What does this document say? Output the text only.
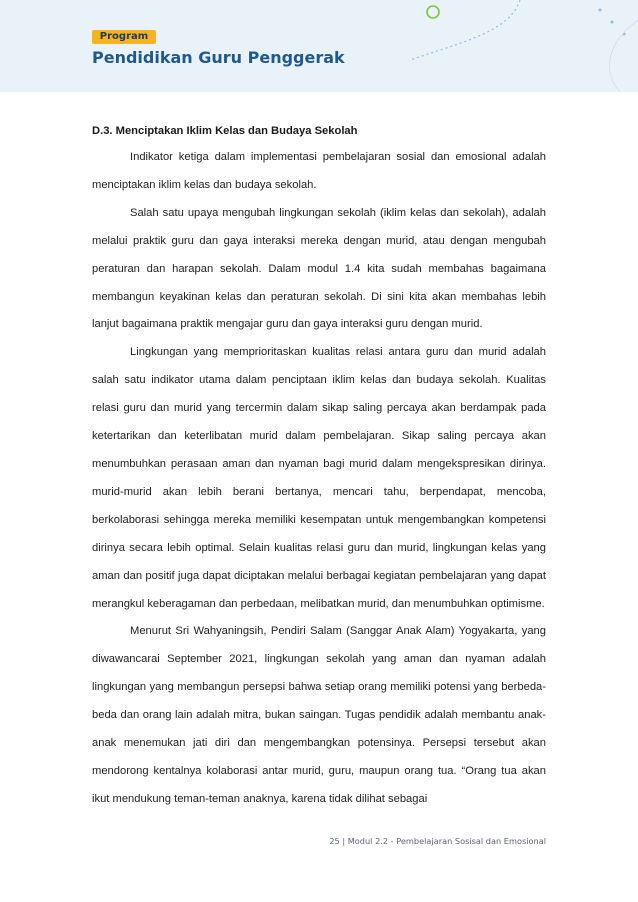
Program
Pendidikan Guru Penggerak
D.3. Menciptakan Iklim Kelas dan Budaya Sekolah

Indikator ketiga dalam implementasi pembelajaran sosial dan emosional adalah menciptakan iklim kelas dan budaya sekolah.

Salah satu upaya mengubah lingkungan sekolah (iklim kelas dan sekolah), adalah melalui praktik guru dan gaya interaksi mereka dengan murid, atau dengan mengubah peraturan dan harapan sekolah. Dalam modul 1.4 kita sudah membahas bagaimana membangun keyakinan kelas dan peraturan sekolah. Di sini kita akan membahas lebih lanjut bagaimana praktik mengajar guru dan gaya interaksi guru dengan murid.

Lingkungan yang memprioritaskan kualitas relasi antara guru dan murid adalah salah satu indikator utama dalam penciptaan iklim kelas dan budaya sekolah. Kualitas relasi guru dan murid yang tercermin dalam sikap saling percaya akan berdampak pada ketertarikan dan keterlibatan murid dalam pembelajaran. Sikap saling percaya akan menumbuhkan perasaan aman dan nyaman bagi murid dalam mengekspresikan dirinya. murid-murid akan lebih berani bertanya, mencari tahu, berpendapat, mencoba, berkolaborasi sehingga mereka memiliki kesempatan untuk mengembangkan kompetensi dirinya secara lebih optimal. Selain kualitas relasi guru dan murid, lingkungan kelas yang aman dan positif juga dapat diciptakan melalui berbagai kegiatan pembelajaran yang dapat merangkul keberagaman dan perbedaan, melibatkan murid, dan menumbuhkan optimisme.

Menurut Sri Wahyaningsih, Pendiri Salam (Sanggar Anak Alam) Yogyakarta, yang diwawancarai September 2021, lingkungan sekolah yang aman dan nyaman adalah lingkungan yang membangun persepsi bahwa setiap orang memiliki potensi yang berbeda-beda dan orang lain adalah mitra, bukan saingan. Tugas pendidik adalah membantu anak-anak menemukan jati diri dan mengembangkan potensinya. Persepsi tersebut akan mendorong kentalnya kolaborasi antar murid, guru, maupun orang tua. “Orang tua akan ikut mendukung teman-teman anaknya, karena tidak dilihat sebagai

25 | Modul 2.2 - Pembelajaran Sosisal dan Emosional
